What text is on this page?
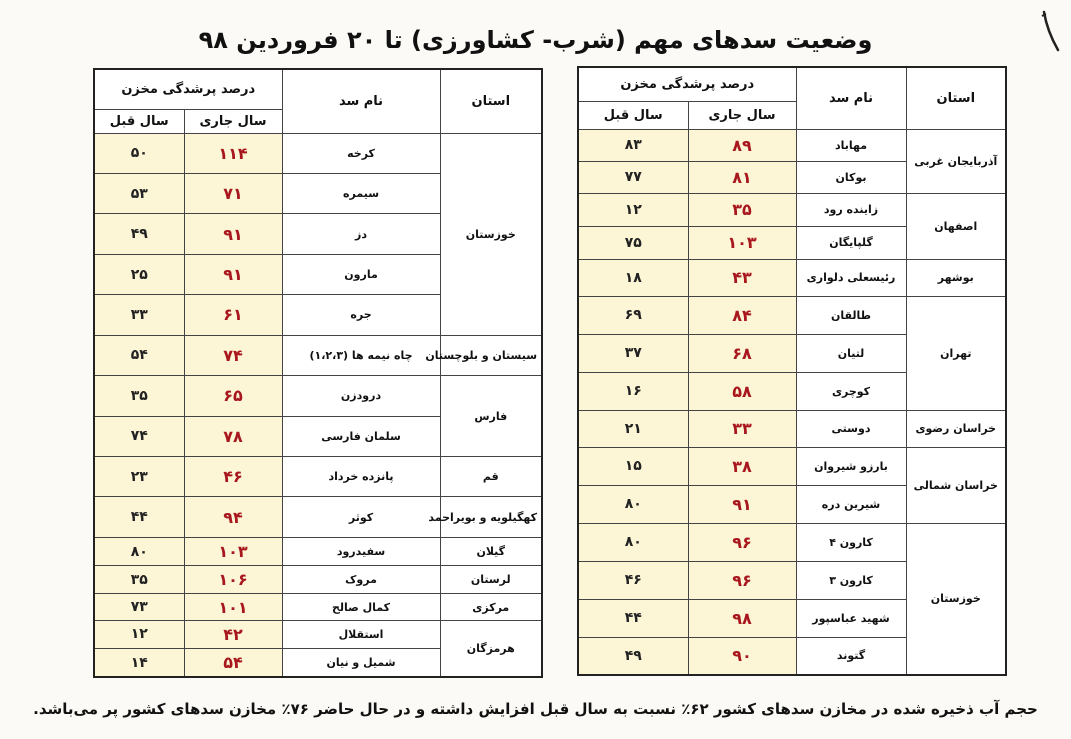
وضعیت سدهای مهم (شرب- کشاورزی) تا ۲۰ فروردین ۹۸
استان	نام سد	درصد پرشدگی مخزن	
		سال جاری	سال قبل
آذربایجان غربی	مهاباد	۸۹	۸۳
	بوکان	۸۱	۷۷
اصفهان	زاینده رود	۳۵	۱۲
	گلپایگان	۱۰۳	۷۵
بوشهر	رئیسعلی دلواری	۴۳	۱۸
تهران	طالقان	۸۴	۶۹
	لتیان	۶۸	۳۷
	کوچری	۵۸	۱۶
خراسان رضوی	دوستی	۳۳	۲۱
خراسان شمالی	بارزو شیروان	۳۸	۱۵
	شیرین دره	۹۱	۸۰
خوزستان	کارون ۴	۹۶	۸۰
	کارون ۳	۹۶	۴۶
	شهید عباسپور	۹۸	۴۴
	گتوند	۹۰	۴۹
استان	نام سد	درصد پرشدگی مخزن	
		سال جاری	سال قبل
خوزستان	کرخه	۱۱۴	۵۰
	سیمره	۷۱	۵۳
	دز	۹۱	۴۹
	مارون	۹۱	۲۵
	جره	۶۱	۳۳
سیستان و بلوچستان	چاه نیمه ها (۱،۲،۳)	۷۴	۵۴
فارس	درودزن	۶۵	۳۵
	سلمان فارسی	۷۸	۷۴
قم	پانزده خرداد	۴۶	۲۳
کهگیلویه و بویراحمد	کوثر	۹۴	۴۴
گیلان	سفیدرود	۱۰۳	۸۰
لرستان	مروک	۱۰۶	۳۵
مرکزی	کمال صالح	۱۰۱	۷۳
هرمزگان	استقلال	۴۲	۱۲
	شمیل و نیان	۵۴	۱۴
حجم آب ذخیره شده در مخازن سدهای کشور ۶۲٪ نسبت به سال قبل افزایش داشته و در حال حاضر ۷۶٪ مخازن سدهای کشور پر می‌باشد.
